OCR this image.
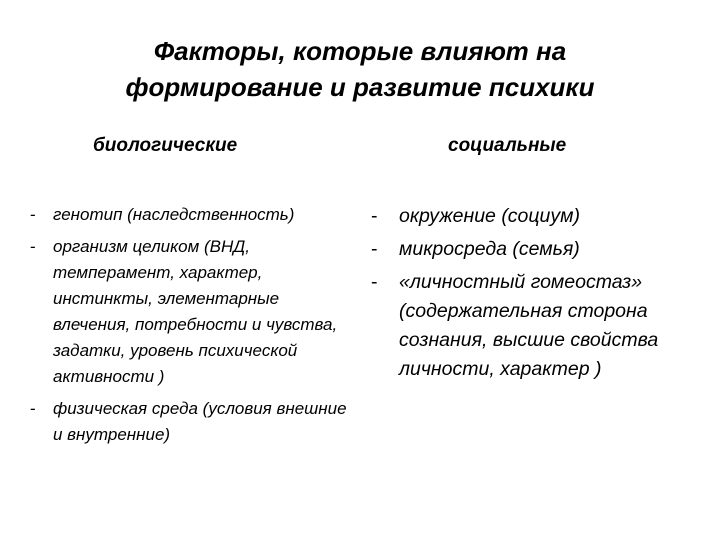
Факторы, которые влияют на
формирование и развитие психики
биологические	социальные
- генотип (наследственность)
- организм целиком (ВНД, темперамент, характер, инстинкты, элементарные влечения, потребности и чувства, задатки, уровень психической активности )
- физическая среда (условия внешние и внутренние)
- окружение (социум)
- микросреда (семья)
- «личностный гомеостаз» (содержательная сторона сознания, высшие свойства личности, характер )
